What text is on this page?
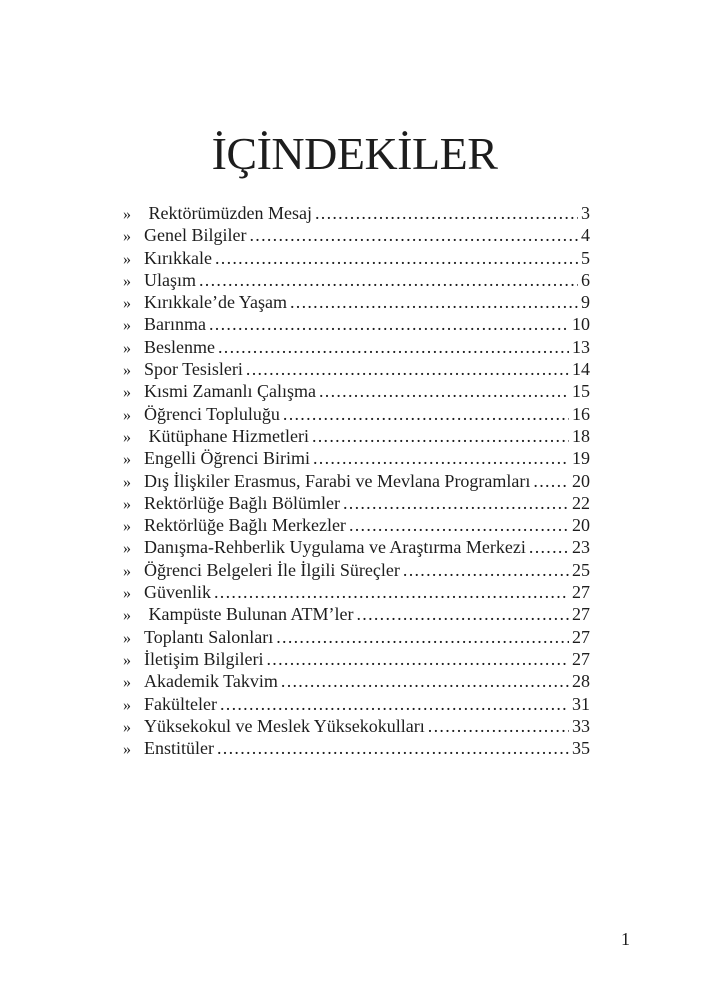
İÇİNDEKİLER
» Rektörümüzden Mesaj .....	3
» Genel Bilgiler .....	4
» Kırıkkale .....	5
» Ulaşım .....	6
» Kırıkkale’de Yaşam .....	9
» Barınma .....	10
» Beslenme .....	13
» Spor Tesisleri .....	14
» Kısmi Zamanlı Çalışma .....	15
» Öğrenci Topluluğu .....	16
» Kütüphane Hizmetleri .....	18
» Engelli Öğrenci Birimi .....	19
» Dış İlişkiler Erasmus, Farabi ve Mevlana Programları ..... 20
» Rektörlüğe Bağlı Bölümler .....	22
» Rektörlüğe Bağlı Merkezler .....	20
» Danışma-Rehberlik Uygulama ve Araştırma Merkezi .....	23
» Öğrenci Belgeleri İle İlgili Süreçler .....	25
» Güvenlik .....	27
» Kampüste Bulunan ATM’ler .....	27
» Toplantı Salonları .....	27
» İletişim Bilgileri .....	27
» Akademik Takvim .....	28
» Fakülteler .....	31
» Yüksekokul ve Meslek Yüksekokulları .....	33
» Enstitüler .....	35
1
